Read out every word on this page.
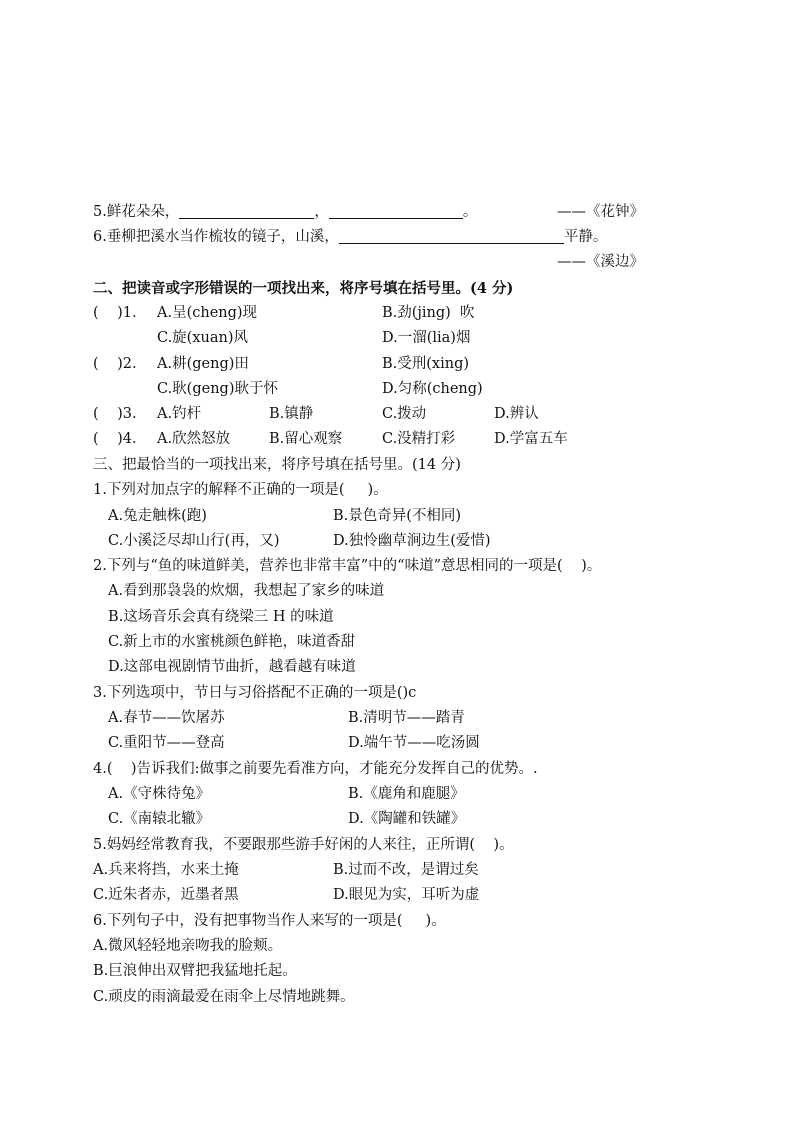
5.鲜花朵朵，	，	。	——《花钟》
6.垂柳把溪水当作梳妆的镜子，山溪，	平静。
——《溪边》
二、把读音或字形错误的一项找出来，将序号填在括号里。(4 分)
(    )1. A.呈(cheng)现	B.劲(jing)  吹
C.旋(xuan)风	D.一溜(lia)烟
(    )2. A.耕(geng)田	B.受刑(xing)
C.耿(geng)耿于怀	D.匀称(cheng)
(    )3. A.钓杆	B.镇静	C.拨动	D.辨认
(    )4. A.欣然怒放	B.留心观察	C.没精打彩	D.学富五车
三、把最恰当的一项找出来，将序号填在括号里。(14 分)
1.下列对加点字的解释不正确的一项是(     )。
A.兔走触株(跑)	B.景色奇异(不相同)
C.小溪泛尽却山行(再，又)	D.独怜幽草涧边生(爱惜)
2.下列与“鱼的味道鲜美，营养也非常丰富”中的“味道”意思相同的一项是(    )。
A.看到那袅袅的炊烟，我想起了家乡的味道
B.这场音乐会真有绕梁三 H 的味道
C.新上市的水蜜桃颜色鲜艳，味道香甜
D.这部电视剧情节曲折，越看越有味道
3.下列选项中，节日与习俗搭配不正确的一项是()c
A.春节——饮屠苏	B.清明节——踏青
C.重阳节——登高	D.端午节——吃汤圆
4.(    )告诉我们:做事之前要先看准方向，才能充分发挥自己的优势。.
A.《守株待兔》	B.《鹿角和鹿腿》
C.《南辕北辙》	D.《陶罐和铁罐》
5.妈妈经常教育我，不要跟那些游手好闲的人来往，正所谓(    )。
A.兵来将挡，水来土掩	B.过而不改，是谓过矣
C.近朱者赤，近墨者黑	D.眼见为实，耳听为虚
6.下列句子中，没有把事物当作人来写的一项是(     )。
A.微风轻轻地亲吻我的脸颊。
B.巨浪伸出双臂把我猛地托起。
C.顽皮的雨滴最爱在雨伞上尽情地跳舞。
